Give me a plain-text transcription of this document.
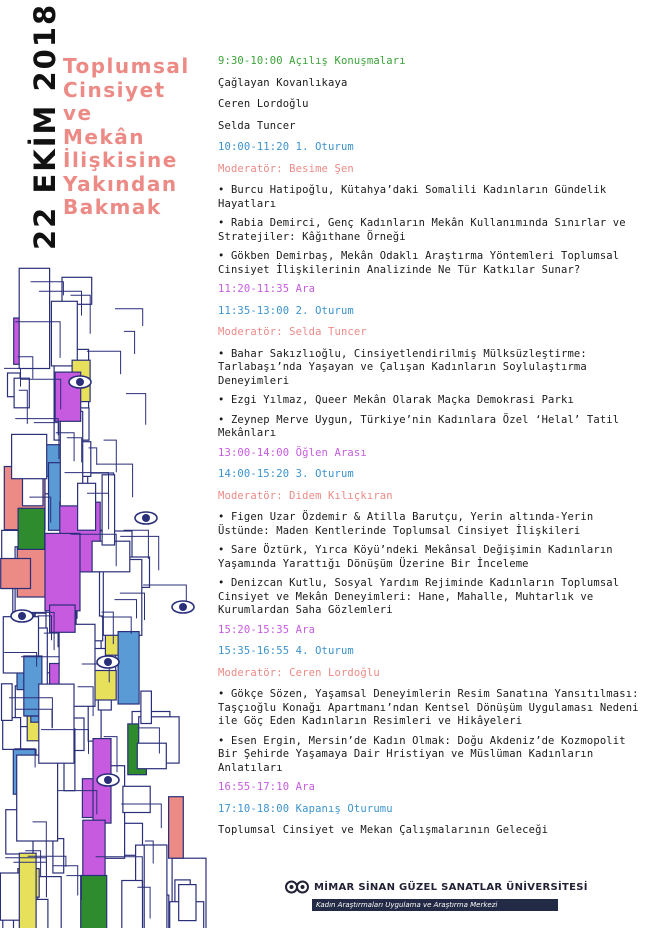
22 EKİM 2018 Toplumsal
Cinsiyet
ve
Mekân
İlişkisine
Yakından
Bakmak
9:30-10:00 Açılış Konuşmaları
Çağlayan Kovanlıkaya
Ceren Lordoğlu
Selda Tuncer
10:00-11:20 1. Oturum
Moderatör: Besime Şen
• Burcu Hatipoğlu, Kütahya’daki Somalili Kadınların Gündelik Hayatları
• Rabia Demirci, Genç Kadınların Mekân Kullanımında Sınırlar ve Stratejiler: Kâğıthane Örneği
• Gökben Demirbaş, Mekân Odaklı Araştırma Yöntemleri Toplumsal Cinsiyet İlişkilerinin Analizinde Ne Tür Katkılar Sunar?
11:20-11:35 Ara
11:35-13:00 2. Oturum
Moderatör: Selda Tuncer
• Bahar Sakızlıoğlu, Cinsiyetlendirilmiş Mülksüzleştirme: Tarlabaşı’nda Yaşayan ve Çalışan Kadınların Soylulaştırma Deneyimleri
• Ezgi Yılmaz, Queer Mekân Olarak Maçka Demokrasi Parkı
• Zeynep Merve Uygun, Türkiye’nin Kadınlara Özel ‘Helal’ Tatil Mekânları
13:00-14:00 Öğlen Arası
14:00-15:20 3. Oturum
Moderatör: Didem Kılıçkıran
• Figen Uzar Özdemir & Atilla Barutçu, Yerin altında-Yerin Üstünde: Maden Kentlerinde Toplumsal Cinsiyet İlişkileri
• Sare Öztürk, Yırca Köyü’ndeki Mekânsal Değişimin Kadınların Yaşamında Yarattığı Dönüşüm Üzerine Bir İnceleme
• Denizcan Kutlu, Sosyal Yardım Rejiminde Kadınların Toplumsal Cinsiyet ve Mekân Deneyimleri: Hane, Mahalle, Muhtarlık ve Kurumlardan Saha Gözlemleri
15:20-15:35 Ara
15:35-16:55 4. Oturum
Moderatör: Ceren Lordoğlu
• Gökçe Sözen, Yaşamsal Deneyimlerin Resim Sanatına Yansıtılması: Taşçıoğlu Konağı Apartmanı’ndan Kentsel Dönüşüm Uygulaması Nedeni ile Göç Eden Kadınların Resimleri ve Hikâyeleri
• Esen Ergin, Mersin’de Kadın Olmak: Doğu Akdeniz’de Kozmopolit Bir Şehirde Yaşamaya Dair Hristiyan ve Müslüman Kadınların Anlatıları
16:55-17:10 Ara
17:10-18:00 Kapanış Oturumu
Toplumsal Cinsiyet ve Mekan Çalışmalarının Geleceği
MİMAR SİNAN GÜZEL SANATLAR ÜNİVERSİTESİ
Kadın Araştırmaları Uygulama ve Araştırma Merkezi
